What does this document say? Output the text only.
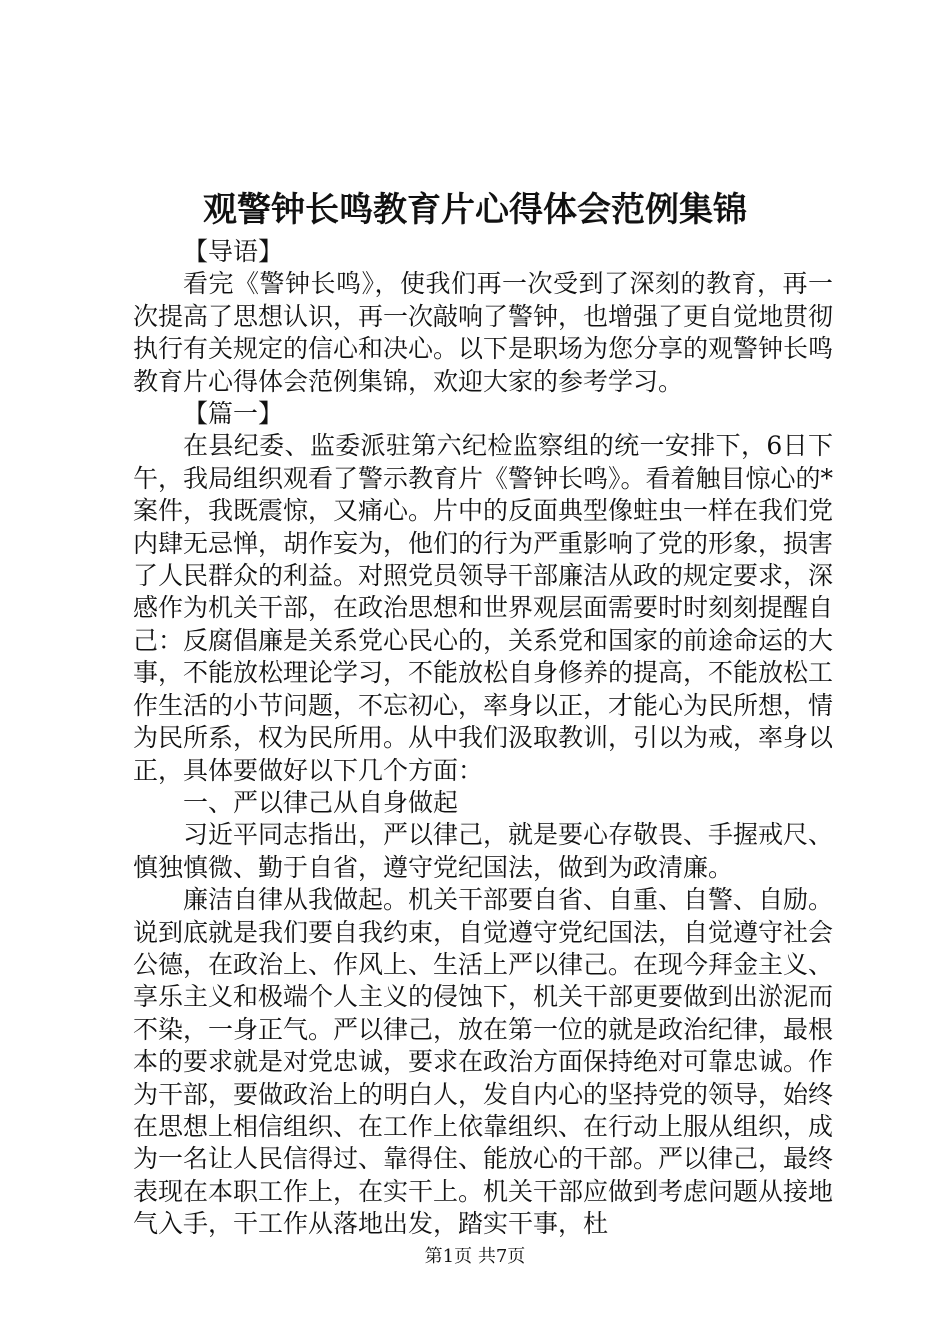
观警钟长鸣教育片心得体会范例集锦

【导语】

看完《警钟长鸣》，使我们再一次受到了深刻的教育，再一次提高了思想认识，再一次敲响了警钟，也增强了更自觉地贯彻执行有关规定的信心和决心。以下是职场为您分享的观警钟长鸣教育片心得体会范例集锦，欢迎大家的参考学习。

【篇一】

在县纪委、监委派驻第六纪检监察组的统一安排下，6日下午，我局组织观看了警示教育片《警钟长鸣》。看着触目惊心的*案件，我既震惊，又痛心。片中的反面典型像蛀虫一样在我们党内肆无忌惮，胡作妄为，他们的行为严重影响了党的形象，损害了人民群众的利益。对照党员领导干部廉洁从政的规定要求，深感作为机关干部，在政治思想和世界观层面需要时时刻刻提醒自己：反腐倡廉是关系党心民心的，关系党和国家的前途命运的大事，不能放松理论学习，不能放松自身修养的提高，不能放松工作生活的小节问题，不忘初心，率身以正，才能心为民所想，情为民所系，权为民所用。从中我们汲取教训，引以为戒，率身以正，具体要做好以下几个方面：

一、严以律己从自身做起

习近平同志指出，严以律己，就是要心存敬畏、手握戒尺、慎独慎微、勤于自省，遵守党纪国法，做到为政清廉。

廉洁自律从我做起。机关干部要自省、自重、自警、自励。说到底就是我们要自我约束，自觉遵守党纪国法，自觉遵守社会公德，在政治上、作风上、生活上严以律己。在现今拜金主义、享乐主义和极端个人主义的侵蚀下，机关干部更要做到出淤泥而不染，一身正气。严以律己，放在第一位的就是政治纪律，最根本的要求就是对党忠诚，要求在政治方面保持绝对可靠忠诚。作为干部，要做政治上的明白人，发自内心的坚持党的领导，始终在思想上相信组织、在工作上依靠组织、在行动上服从组织，成为一名让人民信得过、靠得住、能放心的干部。严以律己，最终表现在本职工作上，在实干上。机关干部应做到考虑问题从接地气入手，干工作从落地出发，踏实干事，杜

第1页 共7页
